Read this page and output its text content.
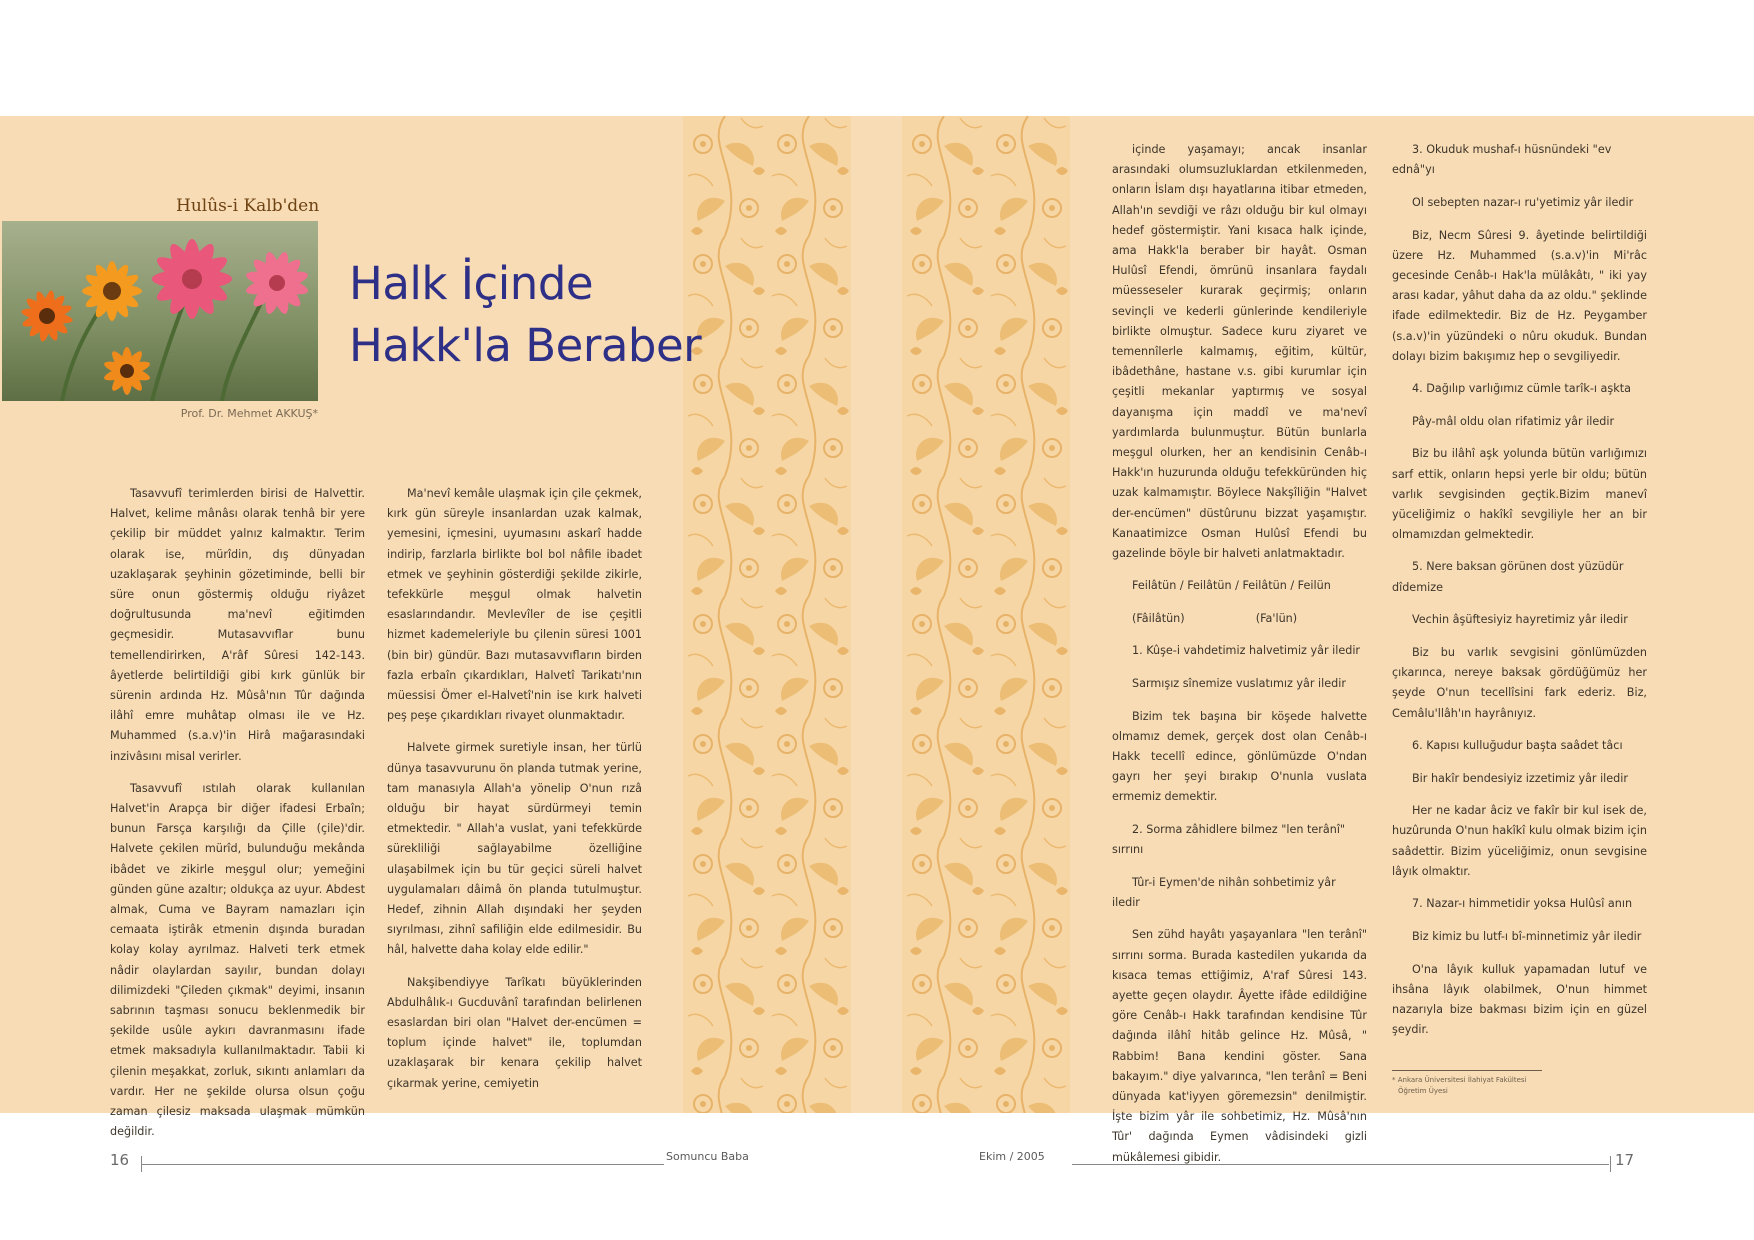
Hulûs-i Kalb'den
Prof. Dr. Mehmet AKKUŞ*
Halk İçinde
Hakk'la Beraber

Tasavvufî terimlerden birisi de Halvettir. Halvet, kelime mânâsı olarak tenhâ bir yere çekilip bir müddet yalnız kalmaktır. Terim olarak ise, mürîdin, dış dünyadan uzaklaşarak şeyhinin gözetiminde, belli bir süre onun göstermiş olduğu riyâzet doğrultusunda ma'nevî eğitimden geçmesidir. Mutasavvıflar bunu temellendirirken, A'râf Sûresi 142-143. âyetlerde belirtildiği gibi kırk günlük bir sürenin ardında Hz. Mûsâ'nın Tûr dağında ilâhî emre muhâtap olması ile ve Hz. Muhammed (s.a.v)'in Hirâ mağarasındaki inzivâsını misal verirler.

Tasavvufî ıstılah olarak kullanılan Halvet'in Arapça bir diğer ifadesi Erbaîn; bunun Farsça karşılığı da Çille (çile)'dir. Halvete çekilen mürîd, bulunduğu mekânda ibâdet ve zikirle meşgul olur; yemeğini günden güne azaltır; oldukça az uyur. Abdest almak, Cuma ve Bayram namazları için cemaata iştirâk etmenin dışında buradan kolay kolay ayrılmaz. Halveti terk etmek nâdir olaylardan sayılır, bundan dolayı dilimizdeki "Çileden çıkmak" deyimi, insanın sabrının taşması sonucu beklenmedik bir şekilde usûle aykırı davranmasını ifade etmek maksadıyla kullanılmaktadır. Tabii ki çilenin meşakkat, zorluk, sıkıntı anlamları da vardır. Her ne şekilde olursa olsun çoğu zaman çilesiz maksada ulaşmak mümkün değildir.

Ma'nevî kemâle ulaşmak için çile çekmek, kırk gün süreyle insanlardan uzak kalmak, yemesini, içmesini, uyumasını askarî hadde indirip, farzlarla birlikte bol bol nâfile ibadet etmek ve şeyhinin gösterdiği şekilde zikirle, tefekkürle meşgul olmak halvetin esaslarındandır. Mevlevîler de ise çeşitli hizmet kademeleriyle bu çilenin süresi 1001 (bin bir) gündür. Bazı mutasavvıfların birden fazla erbaîn çıkardıkları, Halvetî Tarikatı'nın müessisi Ömer el-Halvetî'nin ise kırk halveti peş peşe çıkardıkları rivayet olunmaktadır.

Halvete girmek suretiyle insan, her türlü dünya tasavvurunu ön planda tutmak yerine, tam manasıyla Allah'a yönelip O'nun rızâ olduğu bir hayat sürdürmeyi temin etmektedir. " Allah'a vuslat, yani tefekkürde sürekliliği sağlayabilme özelliğine ulaşabilmek için bu tür geçici süreli halvet uygulamaları dâimâ ön planda tutulmuştur. Hedef, zihnin Allah dışındaki her şeyden sıyrılması, zihnî safiliğin elde edilmesidir. Bu hâl, halvette daha kolay elde edilir."

Nakşibendiyye Tarîkatı büyüklerinden Abdulhâlık-ı Gucduvânî tarafından belirlenen esaslardan biri olan "Halvet der-encümen = toplum içinde halvet" ile, toplumdan uzaklaşarak bir kenara çekilip halvet çıkarmak yerine, cemiyetin

içinde yaşamayı; ancak insanlar arasındaki olumsuzluklardan etkilenmeden, onların İslam dışı hayatlarına itibar etmeden, Allah'ın sevdiği ve râzı olduğu bir kul olmayı hedef göstermiştir. Yani kısaca halk içinde, ama Hakk'la beraber bir hayât. Osman Hulûsî Efendi, ömrünü insanlara faydalı müesseseler kurarak geçirmiş; onların sevinçli ve kederli günlerinde kendileriyle birlikte olmuştur. Sadece kuru ziyaret ve temennîlerle kalmamış, eğitim, kültür, ibâdethâne, hastane v.s. gibi kurumlar için çeşitli mekanlar yaptırmış ve sosyal dayanışma için maddî ve ma'nevî yardımlarda bulunmuştur. Bütün bunlarla meşgul olurken, her an kendisinin Cenâb-ı Hakk'ın huzurunda olduğu tefekküründen hiç uzak kalmamıştır. Böylece Nakşîliğin "Halvet der-encümen" düstûrunu bizzat yaşamıştır. Kanaatimizce Osman Hulûsî Efendi bu gazelinde böyle bir halveti anlatmaktadır.

Feilâtün / Feilâtün / Feilâtün / Feilün

(Fâilâtün)                    (Fa'lün)

1. Kûşe-i vahdetimiz halvetimiz yâr iledir

Sarmışız sînemize vuslatımız yâr iledir

Bizim tek başına bir köşede halvette olmamız demek, gerçek dost olan Cenâb-ı Hakk tecellî edince, gönlümüzde O'ndan gayrı her şeyi bırakıp O'nunla vuslata ermemiz demektir.

2. Sorma zâhidlere bilmez "len terânî" sırrını

Tûr-i Eymen'de nihân sohbetimiz yâr iledir

Sen zühd hayâtı yaşayanlara "len terânî" sırrını sorma. Burada kastedilen yukarıda da kısaca temas ettiğimiz, A'raf Sûresi 143. ayette geçen olaydır. Âyette ifâde edildiğine göre Cenâb-ı Hakk tarafından kendisine Tûr dağında ilâhî hitâb gelince Hz. Mûsâ, " Rabbim! Bana kendini göster. Sana bakayım." diye yalvarınca, "len terânî = Beni dünyada kat'iyyen göremezsin" denilmiştir. İşte bizim yâr ile sohbetimiz, Hz. Mûsâ'nın Tûr' dağında Eymen vâdisindeki gizli mükâlemesi gibidir.

3. Okuduk mushaf-ı hüsnündeki "ev ednâ"yı

Ol sebepten nazar-ı ru'yetimiz yâr iledir

Biz, Necm Sûresi 9. âyetinde belirtildiği üzere Hz. Muhammed (s.a.v)'in Mi'râc gecesinde Cenâb-ı Hak'la mülâkâtı, " iki yay arası kadar, yâhut daha da az oldu." şeklinde ifade edilmektedir. Biz de Hz. Peygamber (s.a.v)'in yüzündeki o nûru okuduk. Bundan dolayı bizim bakışımız hep o sevgiliyedir.

4. Dağılıp varlığımız cümle tarîk-ı aşkta

Pây-mâl oldu olan rifatimiz yâr iledir

Biz bu ilâhî aşk yolunda bütün varlığımızı sarf ettik, onların hepsi yerle bir oldu; bütün varlık sevgisinden geçtik.Bizim manevî yüceliğimiz o hakîkî sevgiliyle her an bir olmamızdan gelmektedir.

5. Nere baksan görünen dost yüzüdür dîdemize

Vechin âşüftesiyiz hayretimiz yâr iledir

Biz bu varlık sevgisini gönlümüzden çıkarınca, nereye baksak gördüğümüz her şeyde O'nun tecellîsini fark ederiz. Biz, Cemâlu'llâh'ın hayrânıyız.

6. Kapısı kulluğudur başta saâdet tâcı

Bir hakîr bendesiyiz izzetimiz yâr iledir

Her ne kadar âciz ve fakîr bir kul isek de, huzûrunda O'nun hakîkî kulu olmak bizim için saâdettir. Bizim yüceliğimiz, onun sevgisine lâyık olmaktır.

7. Nazar-ı himmetidir yoksa Hulûsî anın

Biz kimiz bu lutf-ı bî-minnetimiz yâr iledir

O'na lâyık kulluk yapamadan lutuf ve ihsâna lâyık olabilmek, O'nun himmet nazarıyla bize bakması bizim için en güzel şeydir.

* Ankara Üniversitesi İlahiyat Fakültesi
Öğretim Üyesi
16	Somuncu Baba	Ekim / 2005	17
